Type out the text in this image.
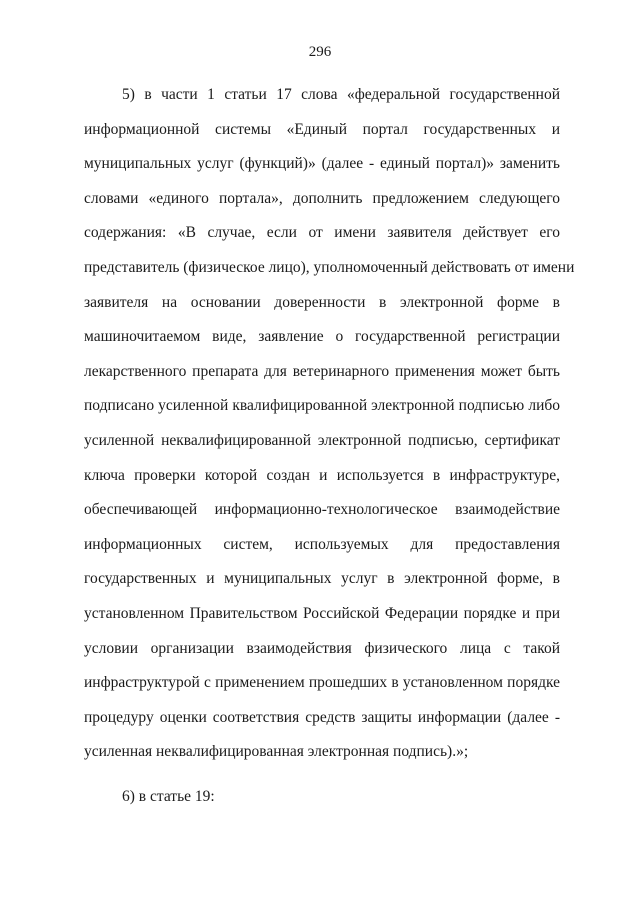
296
5) в части 1 статьи 17 слова «федеральной государственной
информационной системы «Единый портал государственных и
муниципальных услуг (функций)» (далее - единый портал)» заменить
словами «единого портала», дополнить предложением следующего
содержания: «В случае, если от имени заявителя действует его
представитель (физическое лицо), уполномоченный действовать от имени
заявителя на основании доверенности в электронной форме в
машиночитаемом виде, заявление о государственной регистрации
лекарственного препарата для ветеринарного применения может быть
подписано усиленной квалифицированной электронной подписью либо
усиленной неквалифицированной электронной подписью, сертификат
ключа проверки которой создан и используется в инфраструктуре,
обеспечивающей информационно-технологическое взаимодействие
информационных систем, используемых для предоставления
государственных и муниципальных услуг в электронной форме, в
установленном Правительством Российской Федерации порядке и при
условии организации взаимодействия физического лица с такой
инфраструктурой с применением прошедших в установленном порядке
процедуру оценки соответствия средств защиты информации (далее -
усиленная неквалифицированная электронная подпись).»;
6) в статье 19:
